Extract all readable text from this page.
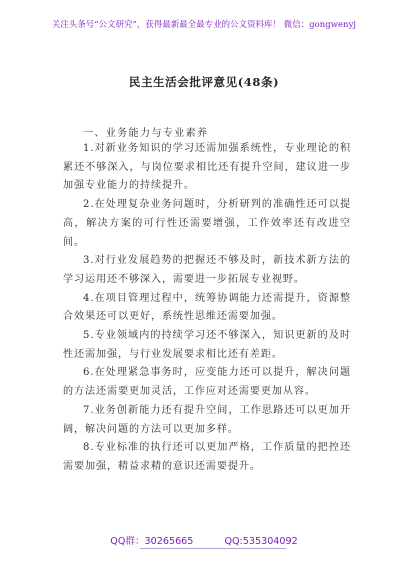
关注头条号“公文研究”，获得最新最全最专业的公文资料库！ 微信：gongwenyj
民主生活会批评意见(48条)
一、业务能力与专业素养

1.对新业务知识的学习还需加强系统性，专业理论的积累还不够深入，与岗位要求相比还有提升空间，建议进一步加强专业能力的持续提升。

2.在处理复杂业务问题时，分析研判的准确性还可以提高，解决方案的可行性还需要增强，工作效率还有改进空间。

3.对行业发展趋势的把握还不够及时，新技术新方法的学习运用还不够深入，需要进一步拓展专业视野。

4.在项目管理过程中，统筹协调能力还需提升，资源整合效果还可以更好，系统性思维还需要加强。

5.专业领域内的持续学习还不够深入，知识更新的及时性还需加强，与行业发展要求相比还有差距。

6.在处理紧急事务时，应变能力还可以提升，解决问题的方法还需要更加灵活，工作应对还需要更加从容。

7.业务创新能力还有提升空间，工作思路还可以更加开阔，解决问题的方法可以更加多样。

8.专业标准的执行还可以更加严格，工作质量的把控还需要加强，精益求精的意识还需要提升。

QQ群：30265665	QQ:535304092
